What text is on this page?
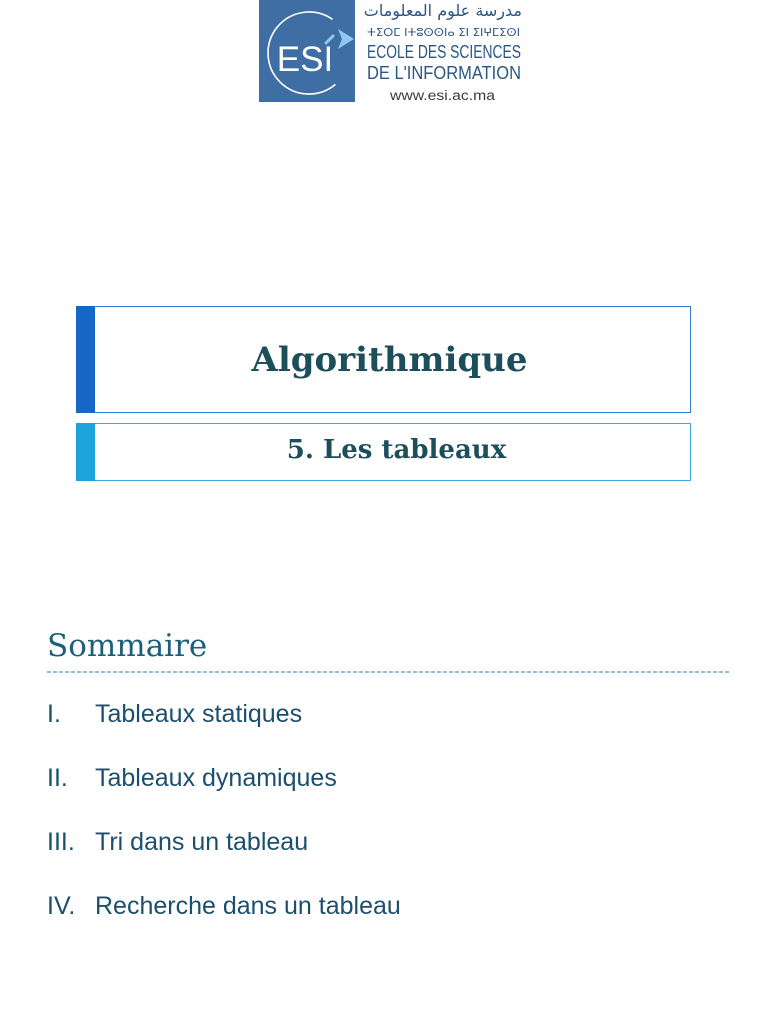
ESI
ⵜⵉⵔⵎ ⵏⵜⵓⵙⵙⵏⴰ ⵉⵏ ⵉⵏⵖⵎⵉⵙⵏ
ECOLE DES SCIENCES
DE L'INFORMATION
www.esi.ac.ma
مدرسة علوم المعلومات
Algorithmique
5. Les tableaux
Sommaire
I.	Tableaux statiques
II.	Tableaux dynamiques
III. Tri dans un tableau
IV. Recherche dans un tableau
